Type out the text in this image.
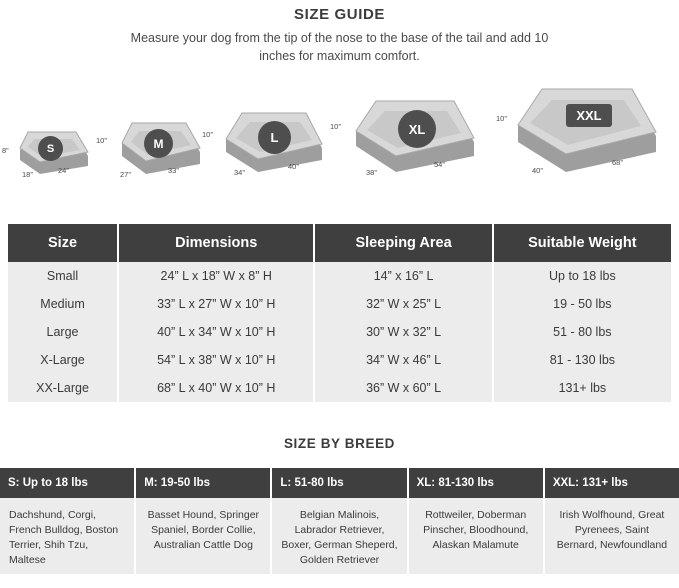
SIZE GUIDE
Measure your dog from the tip of the nose to the base of the tail and add 10 inches for maximum comfort.
S
8”
18”	24”
M
10”
27”	33”
L
10”
34”
40”
XL
10”
38”
54”
XXL
10”
40”
68”
Size	Dimensions	Sleeping Area	Suitable Weight
Small	24” L x 18” W x 8” H	14” x 16” L	Up to 18 lbs
Medium	33” L x 27” W x 10” H	32” W x 25” L	19 - 50 lbs
Large	40” L x 34” W x 10” H	30” W x 32” L	51 - 80 lbs
X-Large	54” L x 38” W x 10” H	34” W x 46” L	81 - 130 lbs
XX-Large	68” L x 40” W x 10” H	36” W x 60” L	131+ lbs
SIZE BY BREED
S: Up to 18 lbs
Dachshund, Corgi, French Bulldog, Boston Terrier, Shih Tzu, Maltese
M: 19-50 lbs
Basset Hound, Springer Spaniel, Border Collie, Australian Cattle Dog
L: 51-80 lbs
Belgian Malinois, Labrador Retriever, Boxer, German Sheperd, Golden Retriever
XL: 81-130 lbs
Rottweiler, Doberman Pinscher, Bloodhound, Alaskan Malamute
XXL: 131+ lbs
Irish Wolfhound, Great Pyrenees, Saint Bernard, Newfoundland
